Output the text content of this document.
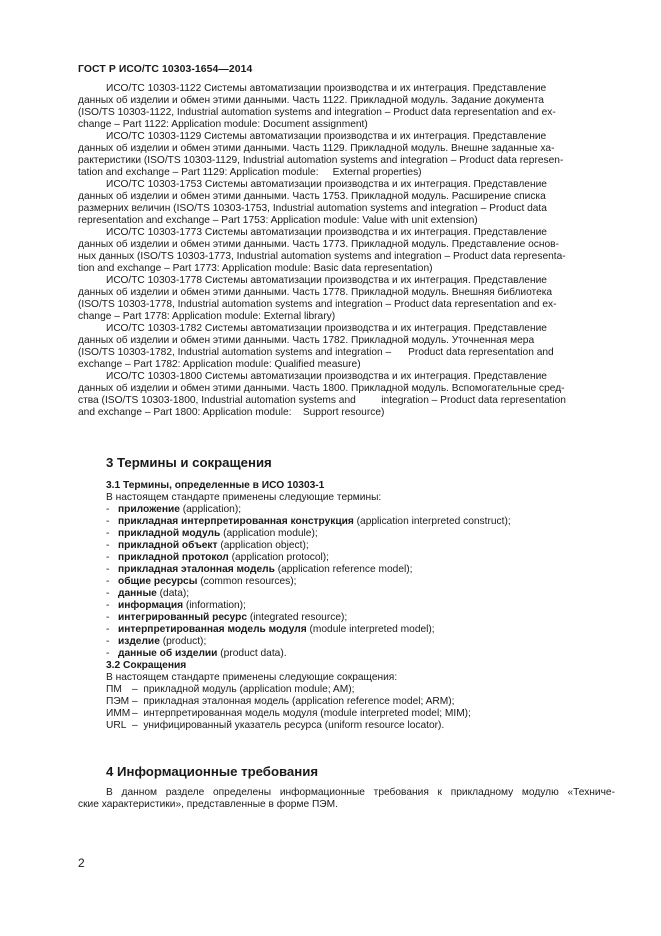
ГОСТ Р ИСО/ТС 10303-1654—2014

ИСО/ТС 10303-1122 Системы автоматизации производства и их интеграция. Представление

данных об изделии и обмен этими данными. Часть 1122. Прикладной модуль. Задание документа

(ISO/TS 10303-1122, Industrial automation systems and integration – Product data representation and ex-

change – Part 1122: Application module: Document assignment)

ИСО/ТС 10303-1129 Системы автоматизации производства и их интеграция. Представление

данных об изделии и обмен этими данными. Часть 1129. Прикладной модуль. Внешне заданные ха-

рактеристики (ISO/TS 10303-1129, Industrial automation systems and integration – Product data represen-

tation and exchange – Part 1129: Application module:     External properties)

ИСО/ТС 10303-1753 Системы автоматизации производства и их интеграция. Представление

данных об изделии и обмен этими данными. Часть 1753. Прикладной модуль. Расширение списка

размерних величин (ISO/TS 10303-1753, Industrial automation systems and integration – Product data

representation and exchange – Part 1753: Application module: Value with unit extension)

ИСО/ТС 10303-1773 Системы автоматизации производства и их интеграция. Представление

данных об изделии и обмен этими данными. Часть 1773. Прикладной модуль. Представление основ-

ных данных (ISO/TS 10303-1773, Industrial automation systems and integration – Product data representa-

tion and exchange – Part 1773: Application module: Basic data representation)

ИСО/ТС 10303-1778 Системы автоматизации производства и их интеграция. Представление

данных об изделии и обмен этими данными. Часть 1778. Прикладной модуль. Внешняя библиотека

(ISO/TS 10303-1778, Industrial automation systems and integration – Product data representation and ex-

change – Part 1778: Application module: External library)

ИСО/ТС 10303-1782 Системы автоматизации производства и их интеграция. Представление

данных об изделии и обмен этими данными. Часть 1782. Прикладной модуль. Уточненная мера

(ISO/TS 10303-1782, Industrial automation systems and integration –      Product data representation and

exchange – Part 1782: Application module: Qualified measure)

ИСО/ТС 10303-1800 Системы автоматизации производства и их интеграция. Представление

данных об изделии и обмен этими данными. Часть 1800. Прикладной модуль. Вспомогательные сред-

ства (ISO/TS 10303-1800, Industrial automation systems and         integration – Product data representation

and exchange – Part 1800: Application module:    Support resource)

3 Термины и сокращения
3.1 Термины, определенные в ИСО 10303-1
В настоящем стандарте применены следующие термины:
- приложение (application);
- прикладная интерпретированная конструкция (application interpreted construct);
- прикладной модуль (application module);
- прикладной объект (application object);
- прикладной протокол (application protocol);
- прикладная эталонная модель (application reference model);
- общие ресурсы (common resources);
- данные (data);
- информация (information);
- интегрированный ресурс (integrated resource);
- интерпретированная модель модуля (module interpreted model);
- изделие (product);
- данные об изделии (product data).
3.2 Сокращения
В настоящем стандарте применены следующие сокращения:
ПМ –  прикладной модуль (application module; AM);
ПЭМ –  прикладная эталонная модель (application reference model; ARM);
ИММ –  интерпретированная модель модуля (module interpreted model; MIM);
URL –  унифицированный указатель ресурса (uniform resource locator).
4 Информационные требования
В данном разделе определены информационные требования к прикладному модулю «Техниче-
ские характеристики», представленные в форме ПЭМ.
2
